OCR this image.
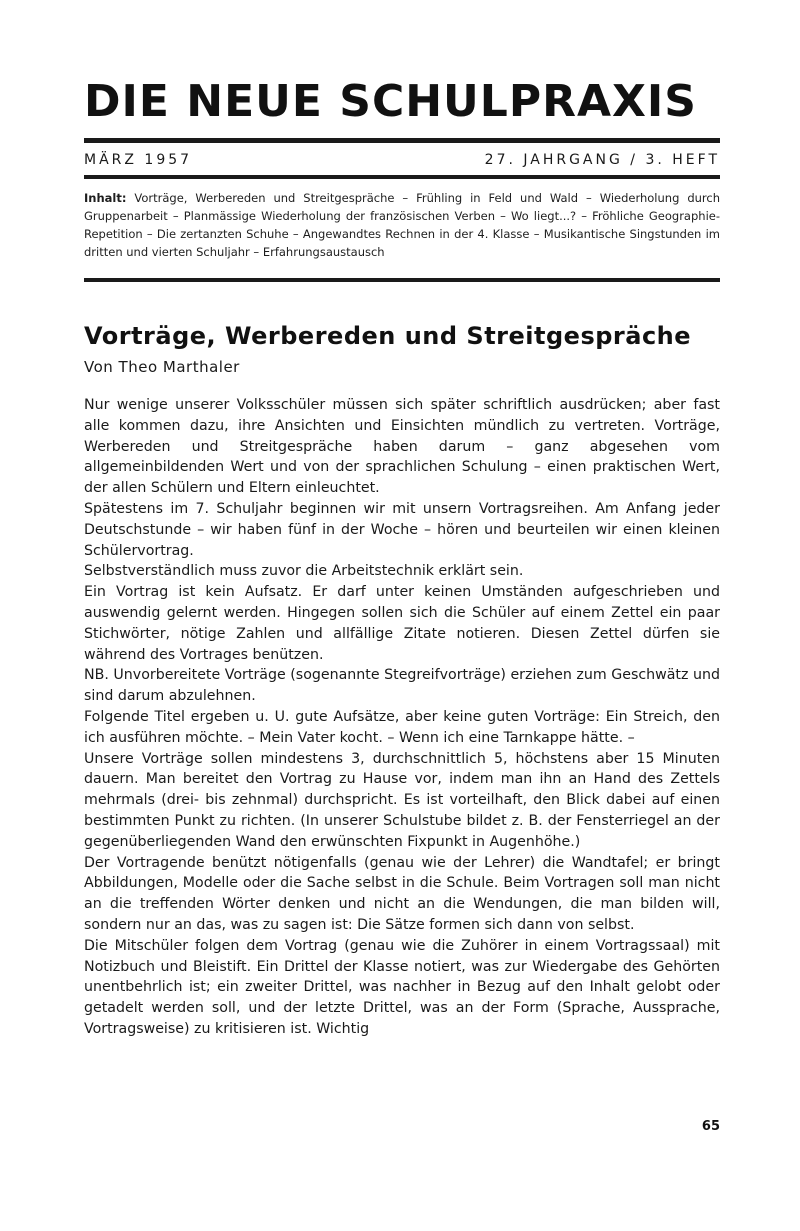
DIE NEUE SCHULPRAXIS
MÄRZ 1957	27. JAHRGANG / 3. HEFT
Inhalt: Vorträge, Werbereden und Streitgespräche – Frühling in Feld und Wald – Wiederholung durch Gruppenarbeit – Planmässige Wiederholung der französischen Verben – Wo liegt...? – Fröhliche Geographie-Repetition – Die zertanzten Schuhe – Angewandtes Rechnen in der 4. Klasse – Musikantische Singstunden im dritten und vierten Schuljahr – Erfahrungsaustausch
Vorträge, Werbereden und Streitgespräche
Von Theo Marthaler

Nur wenige unserer Volksschüler müssen sich später schriftlich ausdrücken; aber fast alle kommen dazu, ihre Ansichten und Einsichten mündlich zu vertreten. Vorträge, Werbereden und Streitgespräche haben darum – ganz abgesehen vom allgemeinbildenden Wert und von der sprachlichen Schulung – einen praktischen Wert, der allen Schülern und Eltern einleuchtet.

Spätestens im 7. Schuljahr beginnen wir mit unsern Vortragsreihen. Am Anfang jeder Deutschstunde – wir haben fünf in der Woche – hören und beurteilen wir einen kleinen Schülervortrag.

Selbstverständlich muss zuvor die Arbeitstechnik erklärt sein.

Ein Vortrag ist kein Aufsatz. Er darf unter keinen Umständen aufgeschrieben und auswendig gelernt werden. Hingegen sollen sich die Schüler auf einem Zettel ein paar Stichwörter, nötige Zahlen und allfällige Zitate notieren. Diesen Zettel dürfen sie während des Vortrages benützen.

NB. Unvorbereitete Vorträge (sogenannte Stegreifvorträge) erziehen zum Geschwätz und sind darum abzulehnen.

Folgende Titel ergeben u. U. gute Aufsätze, aber keine guten Vorträge: Ein Streich, den ich ausführen möchte. – Mein Vater kocht. – Wenn ich eine Tarnkappe hätte. –

Unsere Vorträge sollen mindestens 3, durchschnittlich 5, höchstens aber 15 Minuten dauern. Man bereitet den Vortrag zu Hause vor, indem man ihn an Hand des Zettels mehrmals (drei- bis zehnmal) durchspricht. Es ist vorteilhaft, den Blick dabei auf einen bestimmten Punkt zu richten. (In unserer Schulstube bildet z. B. der Fensterriegel an der gegenüberliegenden Wand den erwünschten Fixpunkt in Augenhöhe.)

Der Vortragende benützt nötigenfalls (genau wie der Lehrer) die Wandtafel; er bringt Abbildungen, Modelle oder die Sache selbst in die Schule. Beim Vortragen soll man nicht an die treffenden Wörter denken und nicht an die Wendungen, die man bilden will, sondern nur an das, was zu sagen ist: Die Sätze formen sich dann von selbst.

Die Mitschüler folgen dem Vortrag (genau wie die Zuhörer in einem Vortragssaal) mit Notizbuch und Bleistift. Ein Drittel der Klasse notiert, was zur Wiedergabe des Gehörten unentbehrlich ist; ein zweiter Drittel, was nachher in Bezug auf den Inhalt gelobt oder getadelt werden soll, und der letzte Drittel, was an der Form (Sprache, Aussprache, Vortragsweise) zu kritisieren ist. Wichtig

65
